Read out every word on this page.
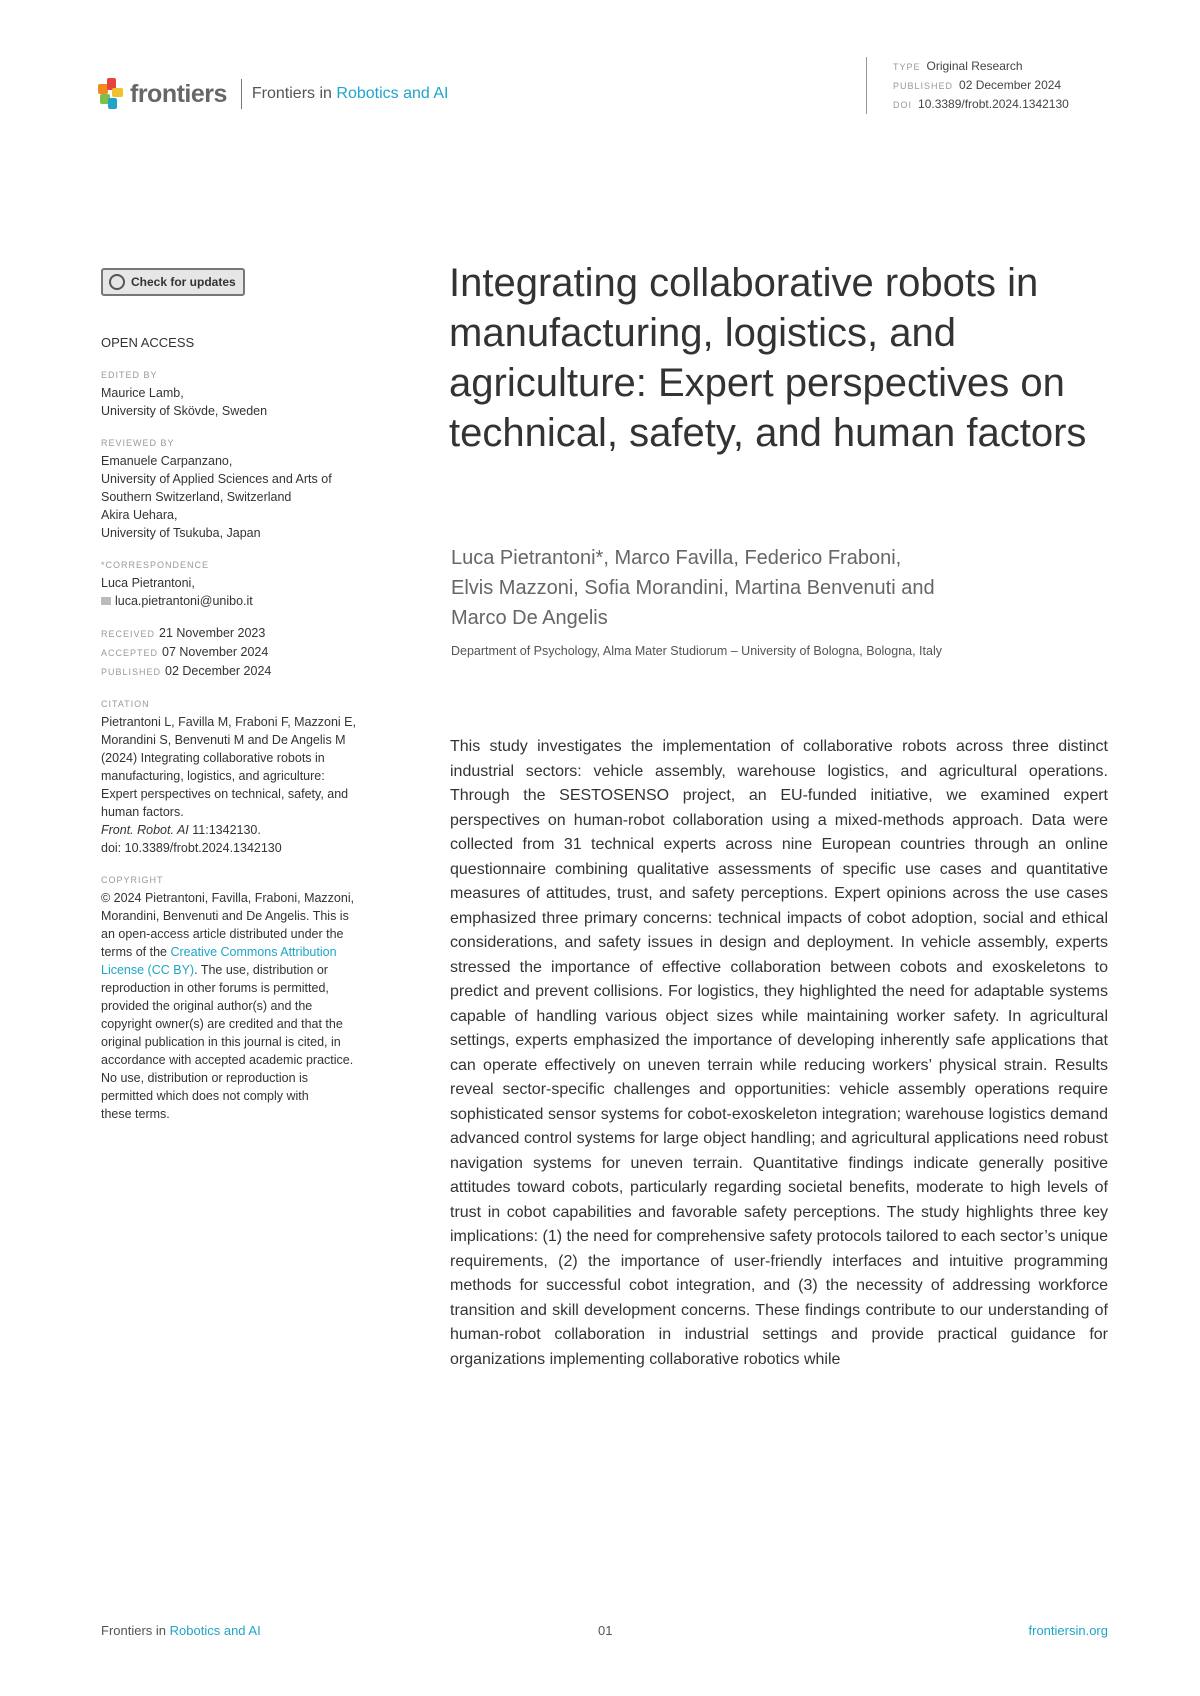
frontiers Frontiers in Robotics and AI
TYPE Original Research
PUBLISHED 02 December 2024
DOI 10.3389/frobt.2024.1342130
Check for updates
OPEN ACCESS
EDITED BY
Maurice Lamb,
University of Skövde, Sweden
REVIEWED BY
Emanuele Carpanzano,
University of Applied Sciences and Arts of
Southern Switzerland, Switzerland
Akira Uehara,
University of Tsukuba, Japan
*CORRESPONDENCE
Luca Pietrantoni,
luca.pietrantoni@unibo.it
RECEIVED 21 November 2023
ACCEPTED 07 November 2024
PUBLISHED 02 December 2024
CITATION
Pietrantoni L, Favilla M, Fraboni F, Mazzoni E,
Morandini S, Benvenuti M and De Angelis M
(2024) Integrating collaborative robots in
manufacturing, logistics, and agriculture:
Expert perspectives on technical, safety, and
human factors.
Front. Robot. AI 11:1342130.
doi: 10.3389/frobt.2024.1342130
COPYRIGHT
© 2024 Pietrantoni, Favilla, Fraboni, Mazzoni,
Morandini, Benvenuti and De Angelis. This is
an open-access article distributed under the
terms of the Creative Commons Attribution
License (CC BY). The use, distribution or
reproduction in other forums is permitted,
provided the original author(s) and the
copyright owner(s) are credited and that the
original publication in this journal is cited, in
accordance with accepted academic practice.
No use, distribution or reproduction is
permitted which does not comply with
these terms.
Integrating collaborative robots in manufacturing, logistics, and agriculture: Expert perspectives on technical, safety, and human factors
Luca Pietrantoni*, Marco Favilla, Federico Fraboni,
Elvis Mazzoni, Sofia Morandini, Martina Benvenuti and
Marco De Angelis
Department of Psychology, Alma Mater Studiorum – University of Bologna, Bologna, Italy
This study investigates the implementation of collaborative robots across three distinct industrial sectors: vehicle assembly, warehouse logistics, and agricultural operations. Through the SESTOSENSO project, an EU-funded initiative, we examined expert perspectives on human-robot collaboration using a mixed-methods approach. Data were collected from 31 technical experts across nine European countries through an online questionnaire combining qualitative assessments of specific use cases and quantitative measures of attitudes, trust, and safety perceptions. Expert opinions across the use cases emphasized three primary concerns: technical impacts of cobot adoption, social and ethical considerations, and safety issues in design and deployment. In vehicle assembly, experts stressed the importance of effective collaboration between cobots and exoskeletons to predict and prevent collisions. For logistics, they highlighted the need for adaptable systems capable of handling various object sizes while maintaining worker safety. In agricultural settings, experts emphasized the importance of developing inherently safe applications that can operate effectively on uneven terrain while reducing workers’ physical strain. Results reveal sector-specific challenges and opportunities: vehicle assembly operations require sophisticated sensor systems for cobot-exoskeleton integration; warehouse logistics demand advanced control systems for large object handling; and agricultural applications need robust navigation systems for uneven terrain. Quantitative findings indicate generally positive attitudes toward cobots, particularly regarding societal benefits, moderate to high levels of trust in cobot capabilities and favorable safety perceptions. The study highlights three key implications: (1) the need for comprehensive safety protocols tailored to each sector’s unique requirements, (2) the importance of user-friendly interfaces and intuitive programming methods for successful cobot integration, and (3) the necessity of addressing workforce transition and skill development concerns. These findings contribute to our understanding of human-robot collaboration in industrial settings and provide practical guidance for organizations implementing collaborative robotics while
Frontiers in Robotics and AI	01	frontiersin.org
